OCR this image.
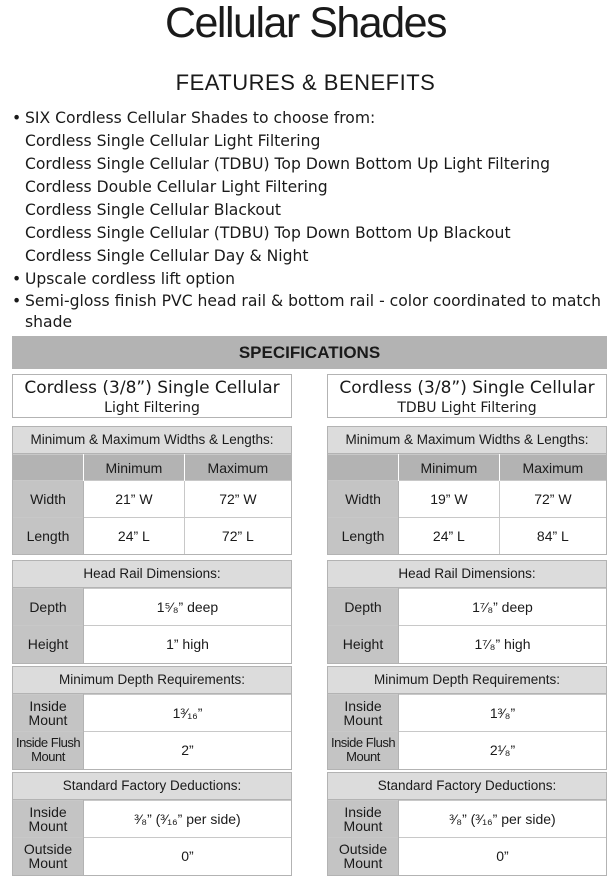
Cellular Shades
FEATURES & BENEFITS
• SIX Cordless Cellular Shades to choose from:
Cordless Single Cellular Light Filtering
Cordless Single Cellular (TDBU) Top Down Bottom Up Light Filtering
Cordless Double Cellular Light Filtering
Cordless Single Cellular Blackout
Cordless Single Cellular (TDBU) Top Down Bottom Up Blackout
Cordless Single Cellular Day & Night
• Upscale cordless lift option
• Semi-gloss finish PVC head rail & bottom rail - color coordinated to match
shade
SPECIFICATIONS
Cordless (3/8”) Single Cellular
Light Filtering
Minimum & Maximum Widths & Lengths:
	Minimum	Maximum
Width	21” W	72” W
Length	24” L	72” L
Head Rail Dimensions:
Depth	1⁵⁄₈” deep
Height	1” high
Minimum Depth Requirements:
Inside Mount	1³⁄₁₆”
Inside Flush Mount	2”
Standard Factory Deductions:
Inside Mount	³⁄₈” (³⁄₁₆” per side)
Outside Mount	0”
Cordless (3/8”) Single Cellular
TDBU Light Filtering
Minimum & Maximum Widths & Lengths:
	Minimum	Maximum
Width	19” W	72” W
Length	24” L	84” L
Head Rail Dimensions:
Depth	1⁷⁄₈” deep
Height	1⁷⁄₈” high
Minimum Depth Requirements:
Inside Mount	1³⁄₈”
Inside Flush Mount	2¹⁄₈”
Standard Factory Deductions:
Inside Mount	³⁄₈” (³⁄₁₆” per side)
Outside Mount	0”
